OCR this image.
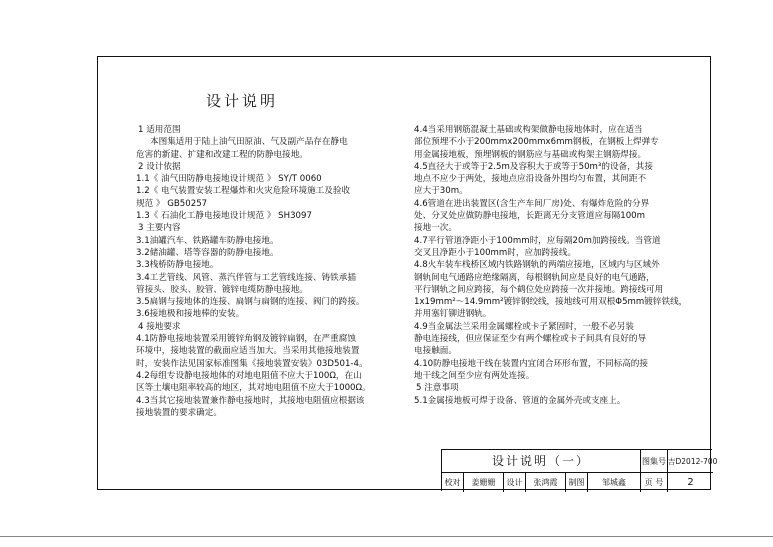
设计说明
1 适用范围
本图集适用于陆上油气田原油、气及副产品存在静电
危害的新建、扩建和改建工程的防静电接地。
2 设计依据
1.1《 油气田防静电接地设计规范 》 SY/T 0060
1.2《 电气装置安装工程爆炸和火灾危险环境施工及验收
规范 》 GB50257
1.3《 石油化工静电接地设计规范 》 SH3097
3 主要内容
3.1油罐汽车、铁路罐车防静电接地。
3.2储油罐、塔等容器的防静电接地。
3.3栈桥防静电接地。
3.4工艺管线、风管、蒸汽伴管与工艺管线连接、铸铁承插
管接头、胶头、胶管、镀锌电缆防静电接地。
3.5扁钢与接地体的连接、扁钢与扁钢的连接、阀门的跨接。
3.6接地极和接地棒的安装。
4 接地要求
4.1防静电接地装置采用镀锌角钢及镀锌扁钢，在严重腐蚀
环境中，接地装置的截面应适当加大。当采用其他接地装置
时，安装作法见国家标准图集《接地装置安装》03D501-4。
4.2每组专设静电接地体的对地电阻值不应大于100Ω，在山
区等土壤电阻率较高的地区，其对地电阻值不应大于1000Ω。
4.3当其它接地装置兼作静电接地时，其接地电阻值应根据该
接地装置的要求确定。
4.4当采用钢筋混凝土基础或构架做静电接地体时，应在适当
部位预埋不小于200mmx200mmx6mm钢板，在钢板上焊弹专
用金属接地板，预埋钢板的钢筋应与基础或构架主钢筋焊接。
4.5直径大于或等于2.5m及容积大于或等于50m³的设备，其接
地点不应少于两处，接地点应沿设备外围均匀布置，其间距不
应大于30m。
4.6管道在进出装置区(含生产车间厂房)处、有爆炸危险的分界
处、分叉处应做防静电接地，长距离无分支管道应每隔100m
接地一次。
4.7平行管道净距小于100mm时，应每隔20m加跨接线。当管道
交叉且净距小于100mm时，应加跨接线。
4.8火车装车栈桥区域内铁路钢轨的两端应接地，区域内与区域外
钢轨间电气通路应绝缘隔离，每根钢轨间应是良好的电气通路，
平行钢轨之间应跨接，每个鹤位处应跨接一次并接地。跨接线可用
1x19mm²～14.9mm²镀锌钢绞线，接地线可用双根Φ5mm镀锌铁线，
并用塞钉铆进钢轨。
4.9当金属法兰采用金属螺栓或卡子紧固时，一般不必另装
静电连接线，但应保证至少有两个螺栓或卡子间具有良好的导
电接触面。
4.10防静电接地干线在装置内宜闭合环形布置，不同标高的接
地干线之间至少应有两处连接。
5 注意事项
5.1金属接地板可焊于设备、管道的金属外壳或支座上。
设计说明（一）	图集号 吉D2012-700
校对	姜姗姗	设计	张鸿霞	制图	邹城鑫	页 号	2
